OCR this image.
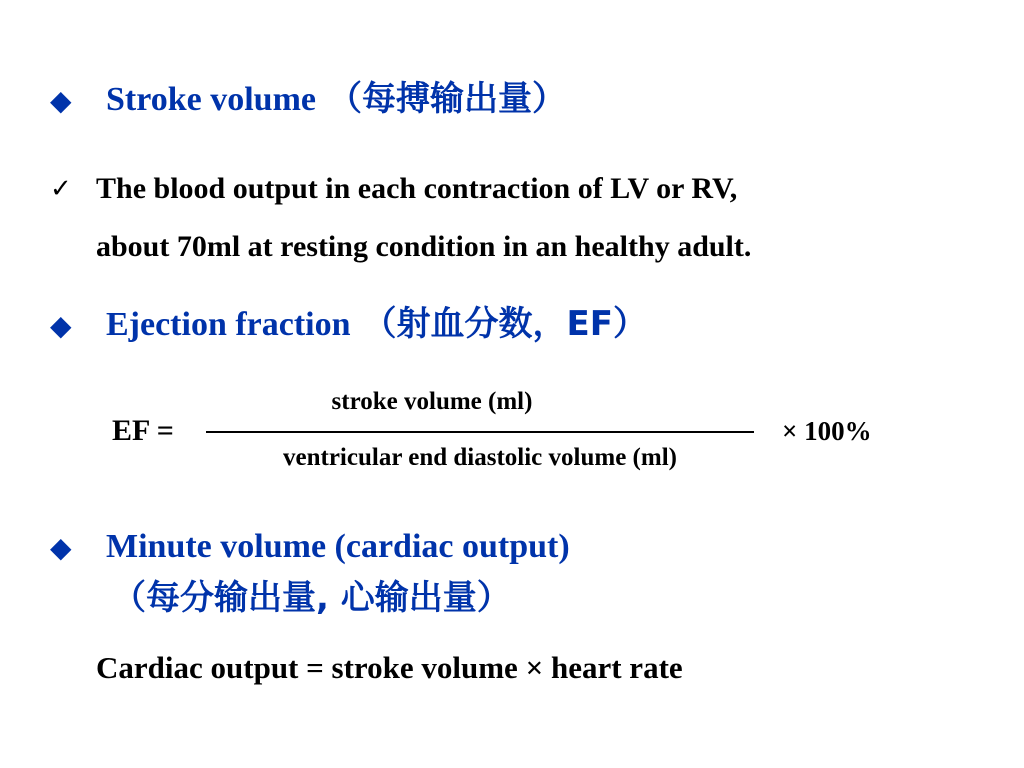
◆	Stroke volume （每搏输出量）
✓ The blood output in each contraction of LV or RV,
about 70ml at resting condition in an healthy adult.
◆	Ejection fraction （射血分数，EF）
EF =
stroke volume (ml)
ventricular end diastolic volume (ml)
× 100%
◆	Minute volume (cardiac output)
（每分输出量, 心输出量）
Cardiac output = stroke volume × heart rate
